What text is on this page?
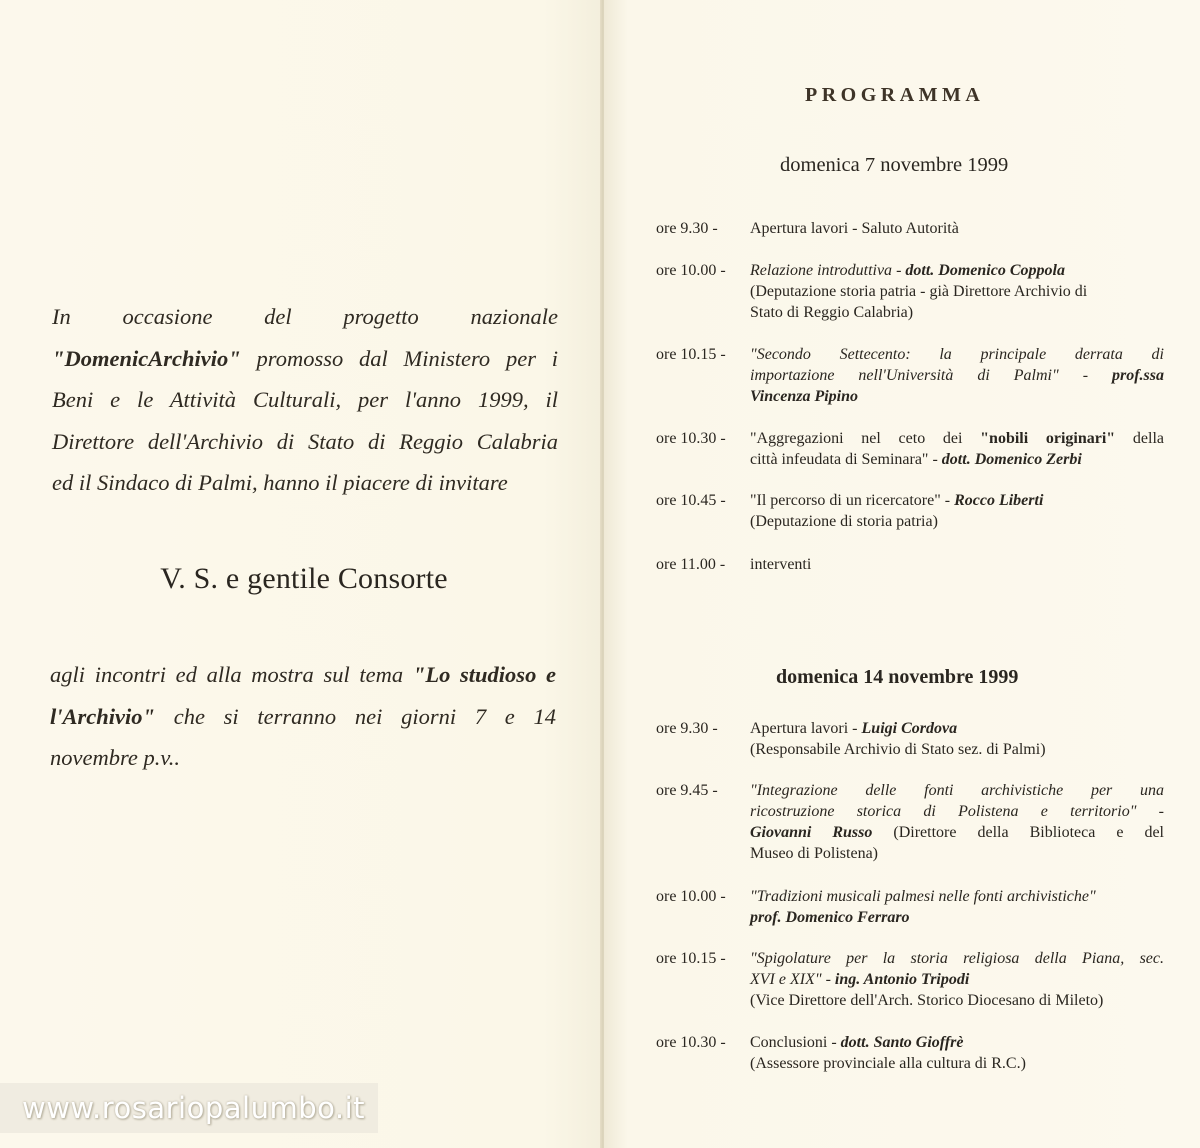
In occasione del progetto nazionale
"DomenicArchivio" promosso dal Ministero per i
Beni e le Attività Culturali, per l'anno 1999, il
Direttore dell'Archivio di Stato di Reggio Calabria
ed il Sindaco di Palmi, hanno il piacere di invitare
V. S. e gentile Consorte
agli incontri ed alla mostra sul tema "Lo studioso e
l'Archivio" che si terranno nei giorni 7 e 14
novembre p.v..
www.rosariopalumbo.it
PROGRAMMA
domenica 7 novembre 1999
ore 9.30 -	Apertura lavori - Saluto Autorità
ore 10.00 -	Relazione introduttiva - dott. Domenico Coppola
(Deputazione storia patria - già Direttore Archivio di
Stato di Reggio Calabria)
ore 10.15 -	"Secondo Settecento: la principale derrata di
importazione nell'Università di Palmi" - prof.ssa
Vincenza Pipino
ore 10.30 -	"Aggregazioni nel ceto dei "nobili originari" della
città infeudata di Seminara" - dott. Domenico Zerbi
ore 10.45 -	"Il percorso di un ricercatore" - Rocco Liberti
(Deputazione di storia patria)
ore 11.00 -	interventi
domenica 14 novembre 1999
ore 9.30 -	Apertura lavori - Luigi Cordova
(Responsabile Archivio di Stato sez. di Palmi)
ore 9.45 -	"Integrazione delle fonti archivistiche per una
ricostruzione storica di Polistena e territorio" -
Giovanni Russo (Direttore della Biblioteca e del
Museo di Polistena)
ore 10.00 -	"Tradizioni musicali palmesi nelle fonti archivistiche"
prof. Domenico Ferraro
ore 10.15 -	"Spigolature per la storia religiosa della Piana, sec.
XVI e XIX" - ing. Antonio Tripodi
(Vice Direttore dell'Arch. Storico Diocesano di Mileto)
ore 10.30 -	Conclusioni - dott. Santo Gioffrè
(Assessore provinciale alla cultura di R.C.)
